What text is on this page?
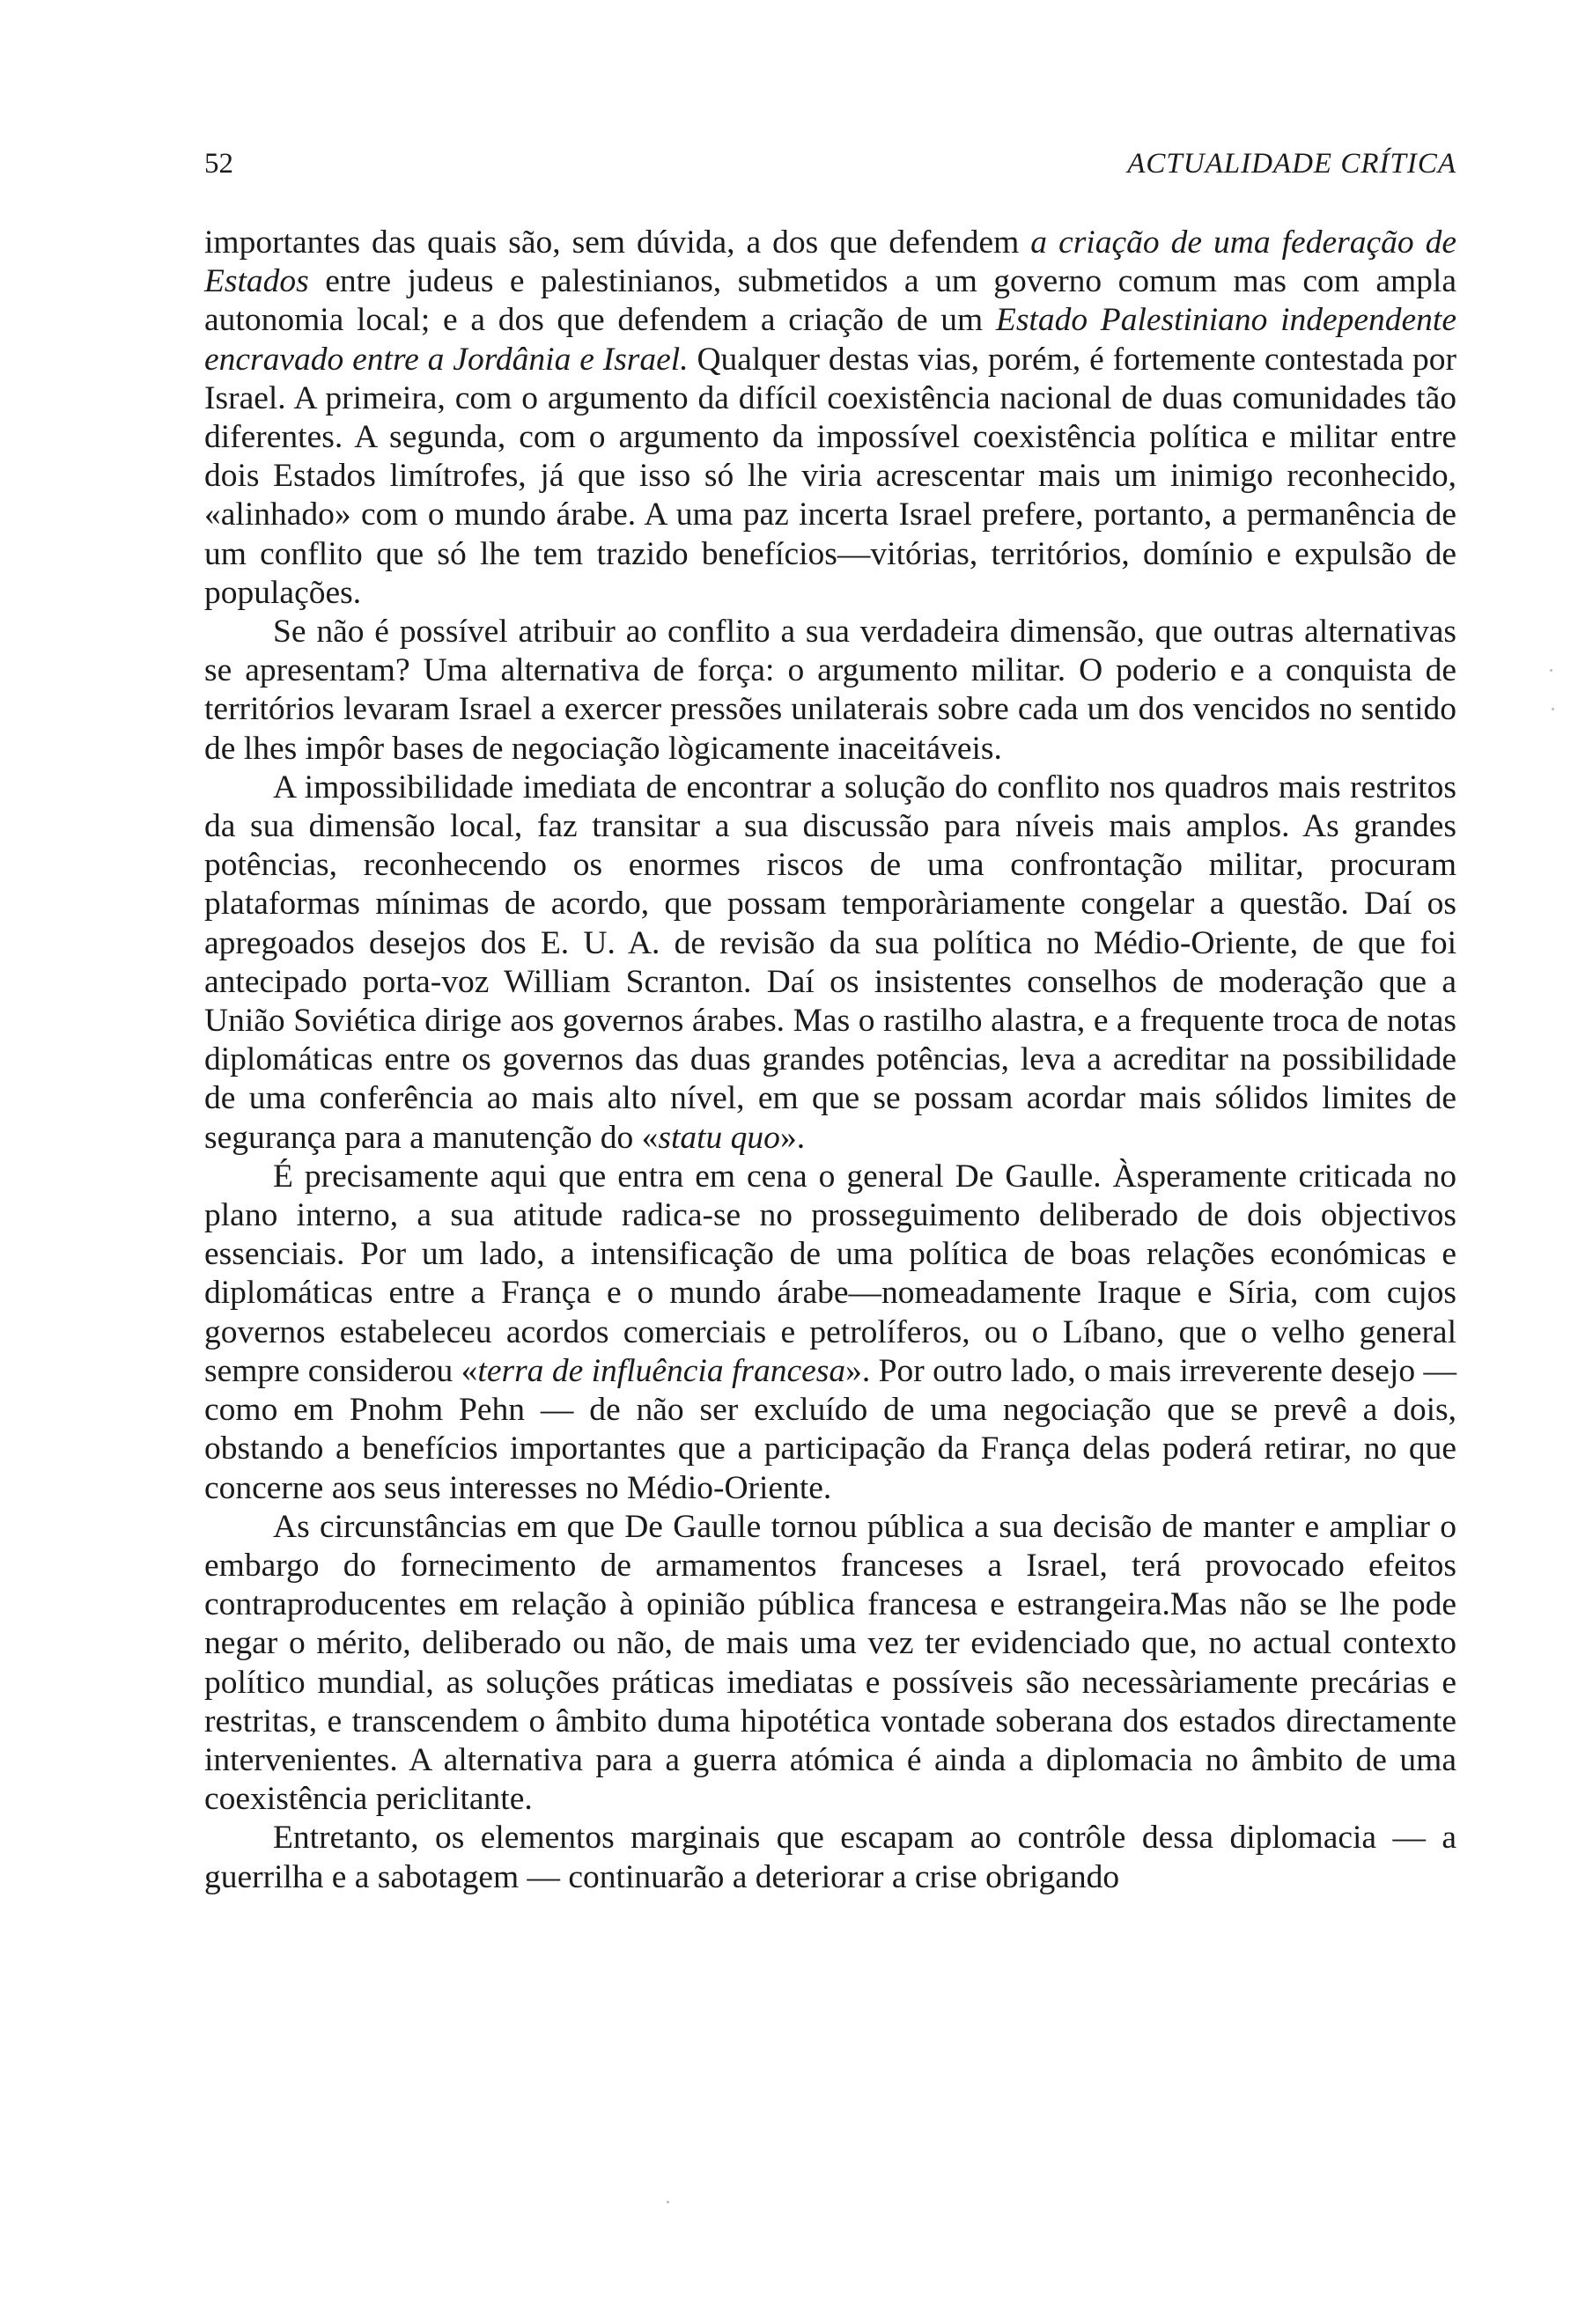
52	ACTUALIDADE CRÍTICA

importantes das quais são, sem dúvida, a dos que defendem a criação de uma federação de Estados entre judeus e palestinianos, submetidos a um governo comum mas com ampla autonomia local; e a dos que defendem a criação de um Estado Palestiniano independente encravado entre a Jordânia e Israel. Qualquer destas vias, porém, é fortemente contestada por Israel. A primeira, com o argumento da difícil coexistência nacional de duas comunidades tão diferentes. A segunda, com o argumento da impossível coexistência política e militar entre dois Estados limítrofes, já que isso só lhe viria acrescentar mais um inimigo reconhecido, «alinhado» com o mundo árabe. A uma paz incerta Israel prefere, portanto, a permanência de um conflito que só lhe tem trazido benefícios—vitórias, territórios, domínio e expulsão de populações.

Se não é possível atribuir ao conflito a sua verdadeira dimensão, que outras alternativas se apresentam? Uma alternativa de força: o argumento militar. O poderio e a conquista de territórios levaram Israel a exercer pressões unilaterais sobre cada um dos vencidos no sentido de lhes impôr bases de negociação lògicamente inaceitáveis.

A impossibilidade imediata de encontrar a solução do conflito nos quadros mais restritos da sua dimensão local, faz transitar a sua discussão para níveis mais amplos. As grandes potências, reconhecendo os enormes riscos de uma confrontação militar, procuram plataformas mínimas de acordo, que possam temporàriamente congelar a questão. Daí os apregoados desejos dos E. U. A. de revisão da sua política no Médio-Oriente, de que foi antecipado porta-voz William Scranton. Daí os insistentes conselhos de moderação que a União Soviética dirige aos governos árabes. Mas o rastilho alastra, e a frequente troca de notas diplomáticas entre os governos das duas grandes potências, leva a acreditar na possibilidade de uma conferência ao mais alto nível, em que se possam acordar mais sólidos limites de segurança para a manutenção do «statu quo».

É precisamente aqui que entra em cena o general De Gaulle. Àsperamente criticada no plano interno, a sua atitude radica-se no prosseguimento deliberado de dois objectivos essenciais. Por um lado, a intensificação de uma política de boas relações económicas e diplomáticas entre a França e o mundo árabe—nomeadamente Iraque e Síria, com cujos governos estabeleceu acordos comerciais e petrolíferos, ou o Líbano, que o velho general sempre considerou «terra de influência francesa». Por outro lado, o mais irreverente desejo — como em Pnohm Pehn — de não ser excluído de uma negociação que se prevê a dois, obstando a benefícios importantes que a participação da França delas poderá retirar, no que concerne aos seus interesses no Médio-Oriente.

As circunstâncias em que De Gaulle tornou pública a sua decisão de manter e ampliar o embargo do fornecimento de armamentos franceses a Israel, terá provocado efeitos contraproducentes em relação à opinião pública francesa e estrangeira.Mas não se lhe pode negar o mérito, deliberado ou não, de mais uma vez ter evidenciado que, no actual contexto político mundial, as soluções práticas imediatas e possíveis são necessàriamente precárias e restritas, e transcendem o âmbito duma hipotética vontade soberana dos estados directamente intervenientes. A alternativa para a guerra atómica é ainda a diplomacia no âmbito de uma coexistência periclitante.

Entretanto, os elementos marginais que escapam ao contrôle dessa diplomacia — a guerrilha e a sabotagem — continuarão a deteriorar a crise obrigando
